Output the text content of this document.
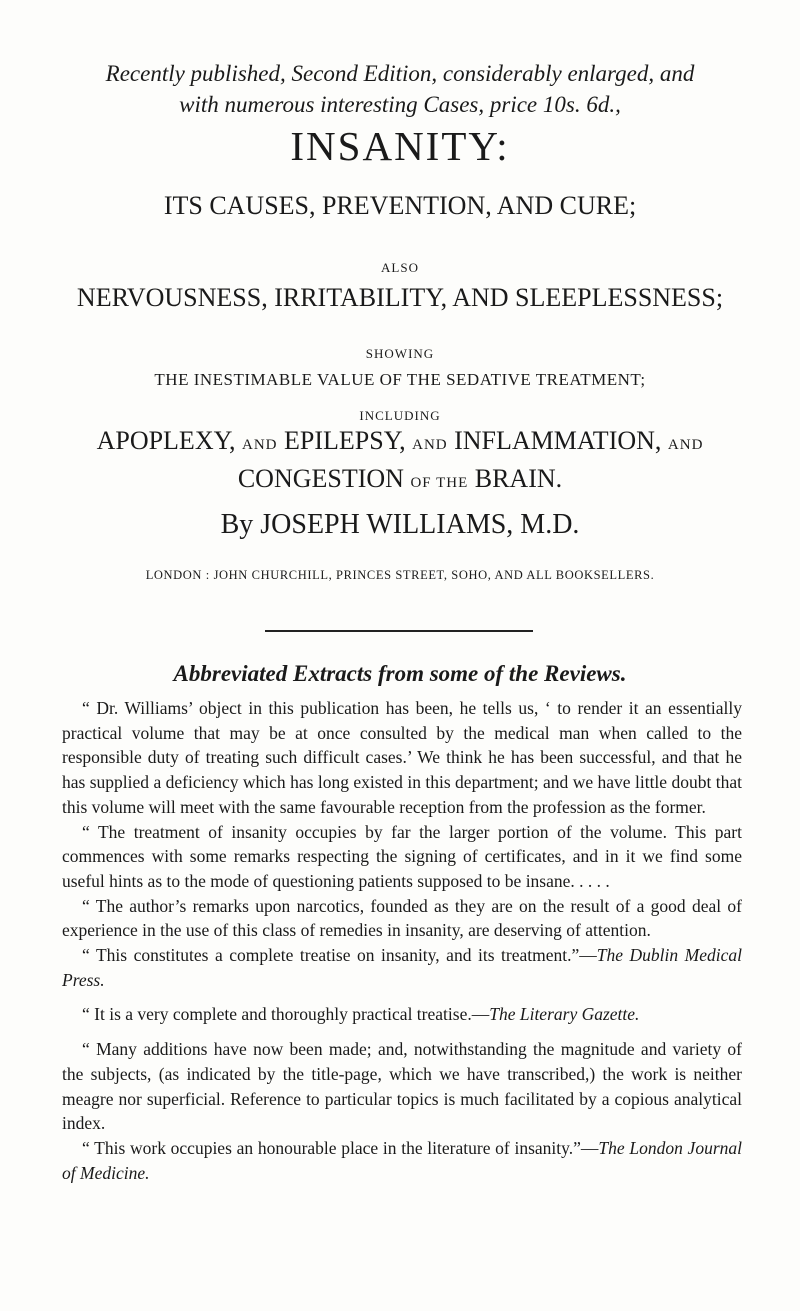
Recently published, Second Edition, considerably enlarged, and
with numerous interesting Cases, price 10s. 6d.,
INSANITY:
ITS CAUSES, PREVENTION, AND CURE;
ALSO
NERVOUSNESS, IRRITABILITY, AND SLEEPLESSNESS;
SHOWING
THE INESTIMABLE VALUE OF THE SEDATIVE TREATMENT;
INCLUDING
APOPLEXY, AND EPILEPSY, AND INFLAMMATION, AND
CONGESTION OF THE BRAIN.
By JOSEPH WILLIAMS, M.D.
LONDON : JOHN CHURCHILL, PRINCES STREET, SOHO, AND ALL BOOKSELLERS.
Abbreviated Extracts from some of the Reviews.

“ Dr. Williams’ object in this publication has been, he tells us, ‘ to render it an essentially practical volume that may be at once consulted by the medical man when called to the responsible duty of treating such difficult cases.’ We think he has been successful, and that he has supplied a deficiency which has long existed in this department; and we have little doubt that this volume will meet with the same favourable reception from the profession as the former.

“ The treatment of insanity occupies by far the larger portion of the volume. This part commences with some remarks respecting the signing of certificates, and in it we find some useful hints as to the mode of questioning patients supposed to be insane. . . . .

“ The author’s remarks upon narcotics, founded as they are on the result of a good deal of experience in the use of this class of remedies in insanity, are deserving of attention.

“ This constitutes a complete treatise on insanity, and its treatment.”—The Dublin Medical Press.

“ It is a very complete and thoroughly practical treatise.—The Literary Gazette.

“ Many additions have now been made; and, notwithstanding the magnitude and variety of the subjects, (as indicated by the title-page, which we have transcribed,) the work is neither meagre nor superficial. Reference to particular topics is much facilitated by a copious analytical index.

“ This work occupies an honourable place in the literature of insanity.”—The London Journal of Medicine.
